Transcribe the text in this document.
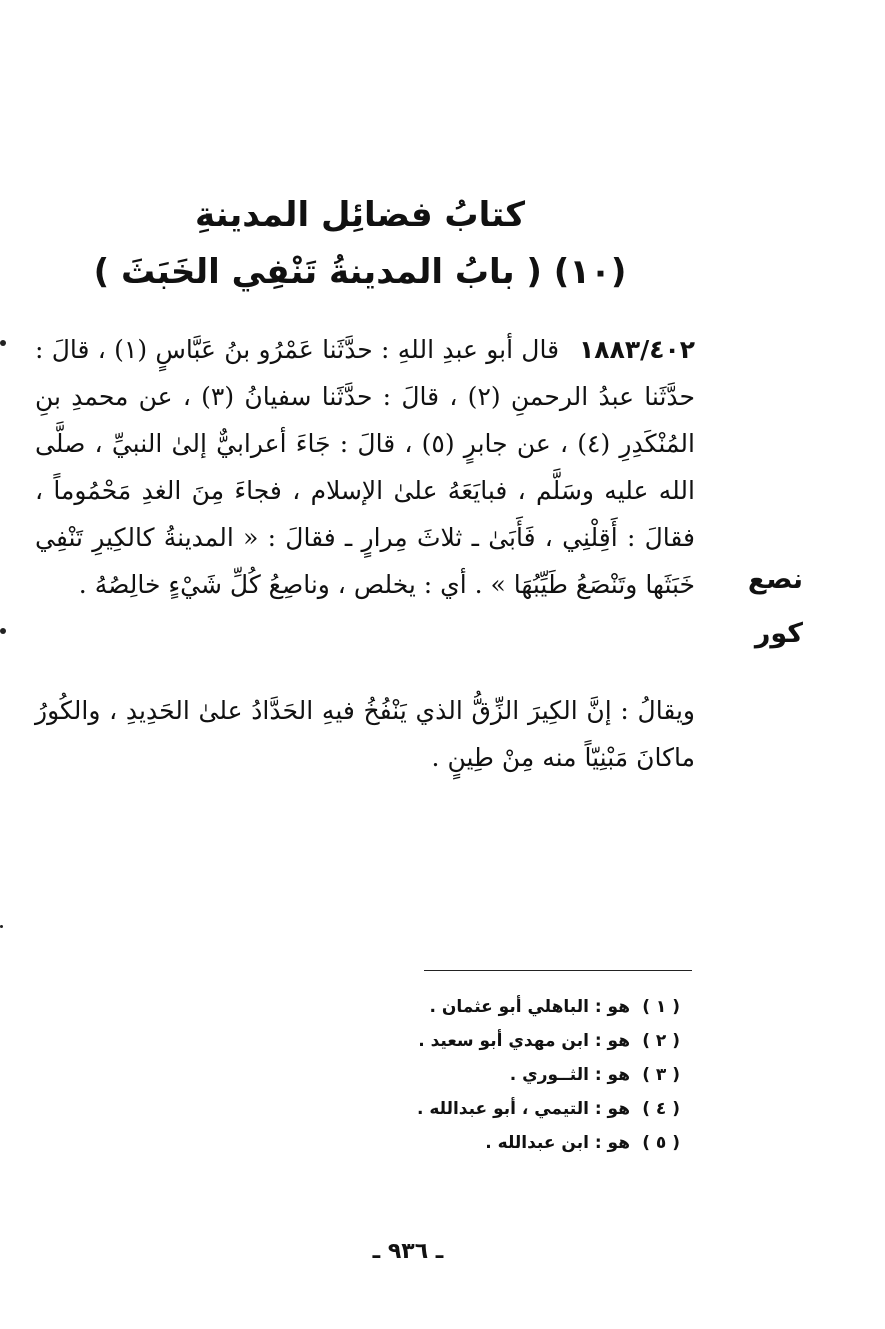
كتابُ فضائِل المدينةِ
(١٠) ( بابُ المدينةُ تَنْفِي الخَبَثَ )

١٨٨٣/٤٠٢قال أبو عبدِ اللهِ : حدَّثَنا عَمْرُو بنُ عَبَّاسٍ (١) ، قالَ : حدَّثَنا عبدُ الرحمنِ (٢) ، قالَ : حدَّثَنا سفيانُ (٣) ، عن محمدِ بنِ المُنْكَدِرِ (٤) ، عن جابرٍ (٥) ، قالَ : جَاءَ أعرابيٌّ إلىٰ النبيِّ ، صلَّى الله عليه وسَلَّم ، فبايَعَهُ علىٰ الإسلام ، فجاءَ مِنَ الغدِ مَحْمُوماً ، فقالَ : أَقِلْنِي ، فَأَبَىٰ ـ ثلاثَ مِرارٍ ـ فقالَ : « المدينةُ كالكِيرِ تَنْفِي خَبَثَها وتَنْصَعُ طَيِّبُهَا » . أي : يخلص ، وناصِعُ كُلِّ شَيْءٍ خالِصُهُ . نصع
كور

ويقالُ : إنَّ الكِيرَ الزِّقُّ الذي يَنْفُخُ فيهِ الحَدَّادُ علىٰ الحَدِيدِ ، والكُورُ ماكانَ مَبْنِيّاً منه مِنْ طِينٍ .

( ١ )هو : الباهلي أبو عثمان .
( ٢ )هو : ابن مهدي أبو سعيد .
( ٣ )هو : الثــوري .
( ٤ )هو : التيمي ، أبو عبدالله .
( ٥ )هو : ابن عبدالله .
ـ ٩٣٦ ـ
